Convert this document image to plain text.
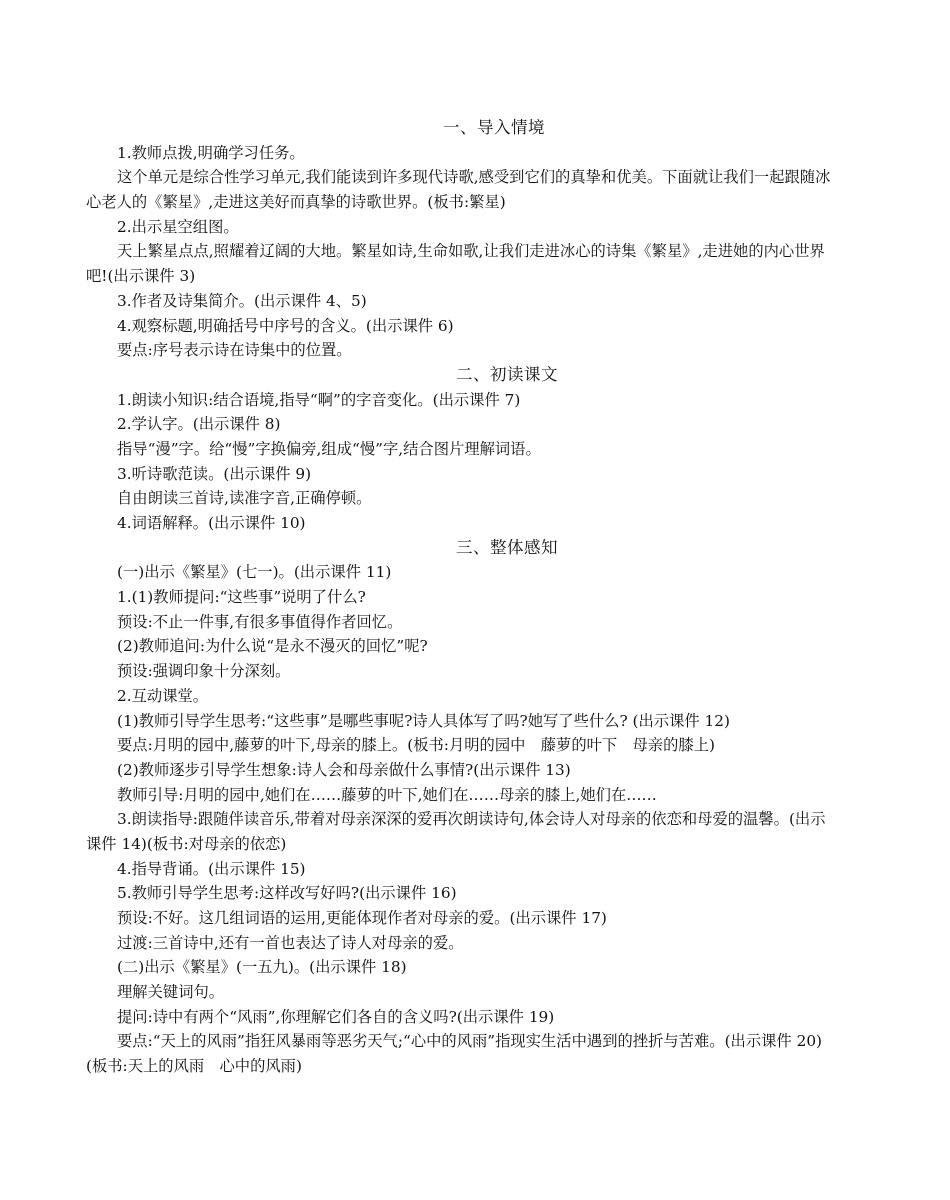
一、导入情境
1.教师点拨,明确学习任务。
这个单元是综合性学习单元,我们能读到许多现代诗歌,感受到它们的真挚和优美。下面就让我们一起跟随冰
心老人的《繁星》,走进这美好而真挚的诗歌世界。(板书:繁星)
2.出示星空组图。
天上繁星点点,照耀着辽阔的大地。繁星如诗,生命如歌,让我们走进冰心的诗集《繁星》,走进她的内心世界
吧!(出示课件 3)
3.作者及诗集简介。(出示课件 4、5)
4.观察标题,明确括号中序号的含义。(出示课件 6)
要点:序号表示诗在诗集中的位置。
二、初读课文
1.朗读小知识:结合语境,指导“啊”的字音变化。(出示课件 7)
2.学认字。(出示课件 8)
指导“漫”字。给“慢”字换偏旁,组成“慢”字,结合图片理解词语。
3.听诗歌范读。(出示课件 9)
自由朗读三首诗,读准字音,正确停顿。
4.词语解释。(出示课件 10)
三、整体感知
(一)出示《繁星》(七一)。(出示课件 11)
1.(1)教师提问:“这些事”说明了什么?
预设:不止一件事,有很多事值得作者回忆。
(2)教师追问:为什么说“是永不漫灭的回忆”呢?
预设:强调印象十分深刻。
2.互动课堂。
(1)教师引导学生思考:“这些事”是哪些事呢?诗人具体写了吗?她写了些什么? (出示课件 12)
要点:月明的园中,藤萝的叶下,母亲的膝上。(板书:月明的园中　藤萝的叶下　母亲的膝上)
(2)教师逐步引导学生想象:诗人会和母亲做什么事情?(出示课件 13)
教师引导:月明的园中,她们在……藤萝的叶下,她们在……母亲的膝上,她们在……
3.朗读指导:跟随伴读音乐,带着对母亲深深的爱再次朗读诗句,体会诗人对母亲的依恋和母爱的温馨。(出示
课件 14)(板书:对母亲的依恋)
4.指导背诵。(出示课件 15)
5.教师引导学生思考:这样改写好吗?(出示课件 16)
预设:不好。这几组词语的运用,更能体现作者对母亲的爱。(出示课件 17)
过渡:三首诗中,还有一首也表达了诗人对母亲的爱。
(二)出示《繁星》(一五九)。(出示课件 18)
理解关键词句。
提问:诗中有两个“风雨”,你理解它们各自的含义吗?(出示课件 19)
要点:“天上的风雨”指狂风暴雨等恶劣天气;“心中的风雨”指现实生活中遇到的挫折与苦难。(出示课件 20)
(板书:天上的风雨　心中的风雨)
